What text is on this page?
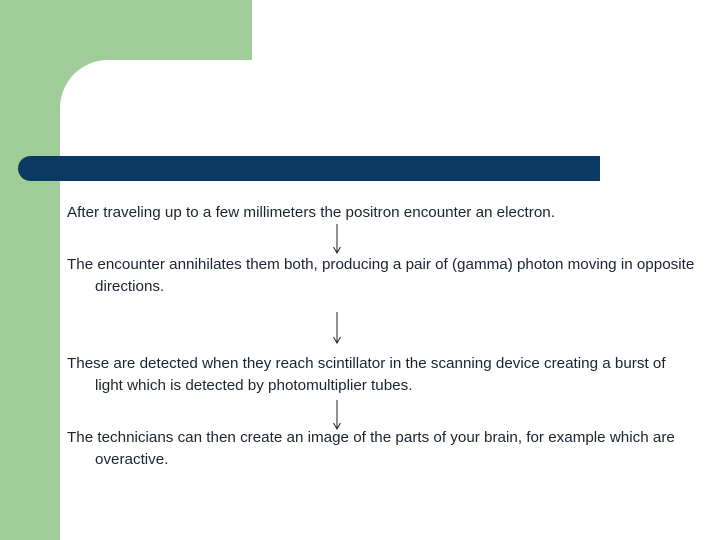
After traveling up to a few millimeters the positron encounter an electron.

The encounter annihilates them both, producing a pair of (gamma) photon moving in opposite directions.

These are detected when they reach scintillator in the scanning device creating a burst of light which is detected by photomultiplier tubes.

The technicians can then create an image of the parts of your brain, for example which are overactive.
